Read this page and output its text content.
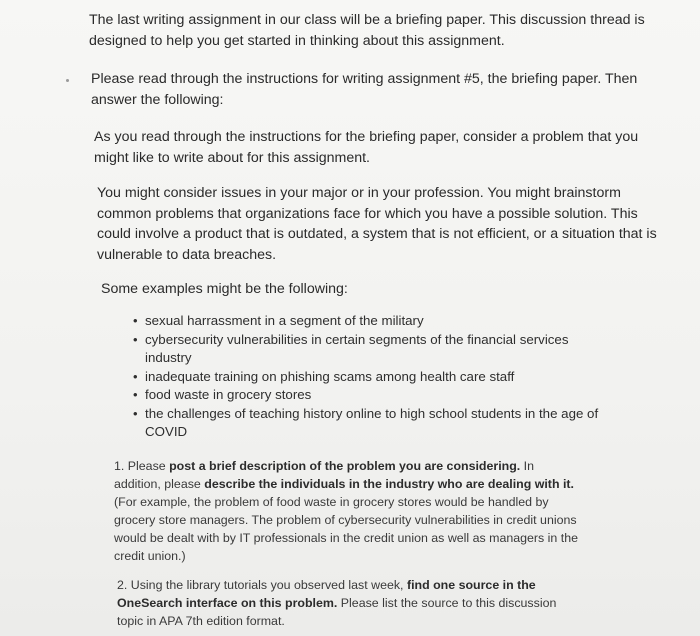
The last writing assignment in our class will be a briefing paper. This discussion thread is designed to help you get started in thinking about this assignment.

Please read through the instructions for writing assignment #5, the briefing paper. Then answer the following:

As you read through the instructions for the briefing paper, consider a problem that you might like to write about for this assignment.

You might consider issues in your major or in your profession. You might brainstorm common problems that organizations face for which you have a possible solution. This could involve a product that is outdated, a system that is not efficient, or a situation that is vulnerable to data breaches.

Some examples might be the following:

• sexual harrassment in a segment of the military
• cybersecurity vulnerabilities in certain segments of the financial services industry
• inadequate training on phishing scams among health care staff
• food waste in grocery stores
• the challenges of teaching history online to high school students in the age of COVID

1. Please post a brief description of the problem you are considering. In addition, please describe the individuals in the industry who are dealing with it. (For example, the problem of food waste in grocery stores would be handled by grocery store managers. The problem of cybersecurity vulnerabilities in credit unions would be dealt with by IT professionals in the credit union as well as managers in the credit union.)

2. Using the library tutorials you observed last week, find one source in the OneSearch interface on this problem. Please list the source to this discussion topic in APA 7th edition format.
